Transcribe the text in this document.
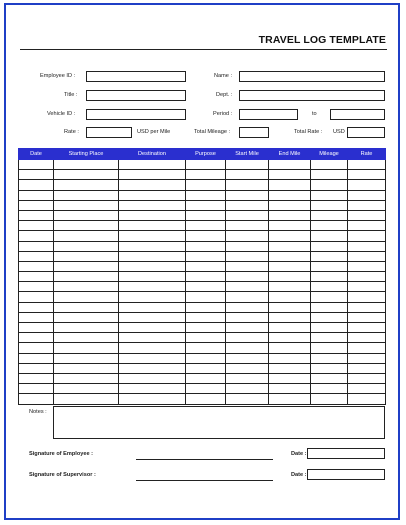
TRAVEL LOG TEMPLATE
Employee ID :	Name :
Title :	Dept. :
Vehicle ID :	Period :	to
Rate :	USD per Mile	Total Mileage :	Total Rate : USD
Date	Starting Place	Destination	Purpose	Start Mile	End Mile	Mileage	Rate

Notes :
Signature of Employee :	Date :
Signature of Supervisor :	Date :
